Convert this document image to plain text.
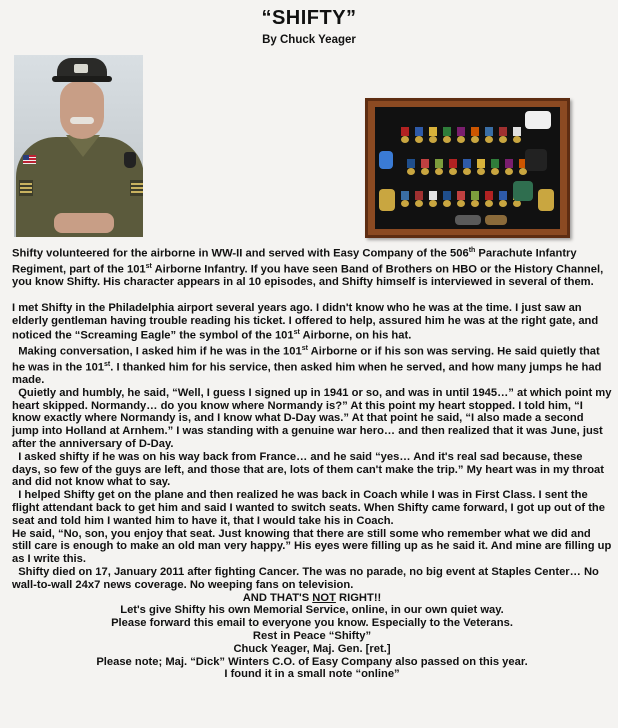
“SHIFTY”
By Chuck Yeager

Shifty volunteered for the airborne in WW-II and served with Easy Company of the 506th Parachute Infantry Regiment, part of the 101st Airborne Infantry. If you have seen Band of Brothers on HBO or the History Channel, you know Shifty. His character appears in al 10 episodes, and Shifty himself is interviewed in several of them.

I met Shifty in the Philadelphia airport several years ago. I didn't know who he was at the time. I just saw an elderly gentleman having trouble reading his ticket. I offered to help, assured him he was at the right gate, and noticed the “Screaming Eagle” the symbol of the 101st Airborne, on his hat.

Making conversation, I asked him if he was in the 101st Airborne or if his son was serving. He said quietly that he was in the 101st. I thanked him for his service, then asked him when he served, and how many jumps he had made.

Quietly and humbly, he said, “Well, I guess I signed up in 1941 or so, and was in until 1945…” at which point my heart skipped. Normandy… do you know where Normandy is?” At this point my heart stopped. I told him, “I know exactly where Normandy is, and I know what D-Day was.” At that point he said, “I also made a second jump into Holland at Arnhem.” I was standing with a genuine war hero… and then realized that it was June, just after the anniversary of D-Day.

I asked shifty if he was on his way back from France… and he said “yes… And it's real sad because, these days, so few of the guys are left, and those that are, lots of them can't make the trip.” My heart was in my throat and did not know what to say.

I helped Shifty get on the plane and then realized he was back in Coach while I was in First Class. I sent the flight attendant back to get him and said I wanted to switch seats. When Shifty came forward, I got up out of the seat and told him I wanted him to have it, that I would take his in Coach.

He said, “No, son, you enjoy that seat. Just knowing that there are still some who remember what we did and still care is enough to make an old man very happy.” His eyes were filling up as he said it. And mine are filling up as I write this.

Shifty died on 17, January 2011 after fighting Cancer. The was no parade, no big event at Staples Center… No wall-to-wall 24x7 news coverage. No weeping fans on television.

AND THAT'S NOT RIGHT!!

Let's give Shifty his own Memorial Service, online, in our own quiet way.

Please forward this email to everyone you know. Especially to the Veterans.

Rest in Peace “Shifty”

Chuck Yeager, Maj. Gen. [ret.]

Please note; Maj. “Dick” Winters C.O. of Easy Company also passed on this year.

I found it in a small note “online”
